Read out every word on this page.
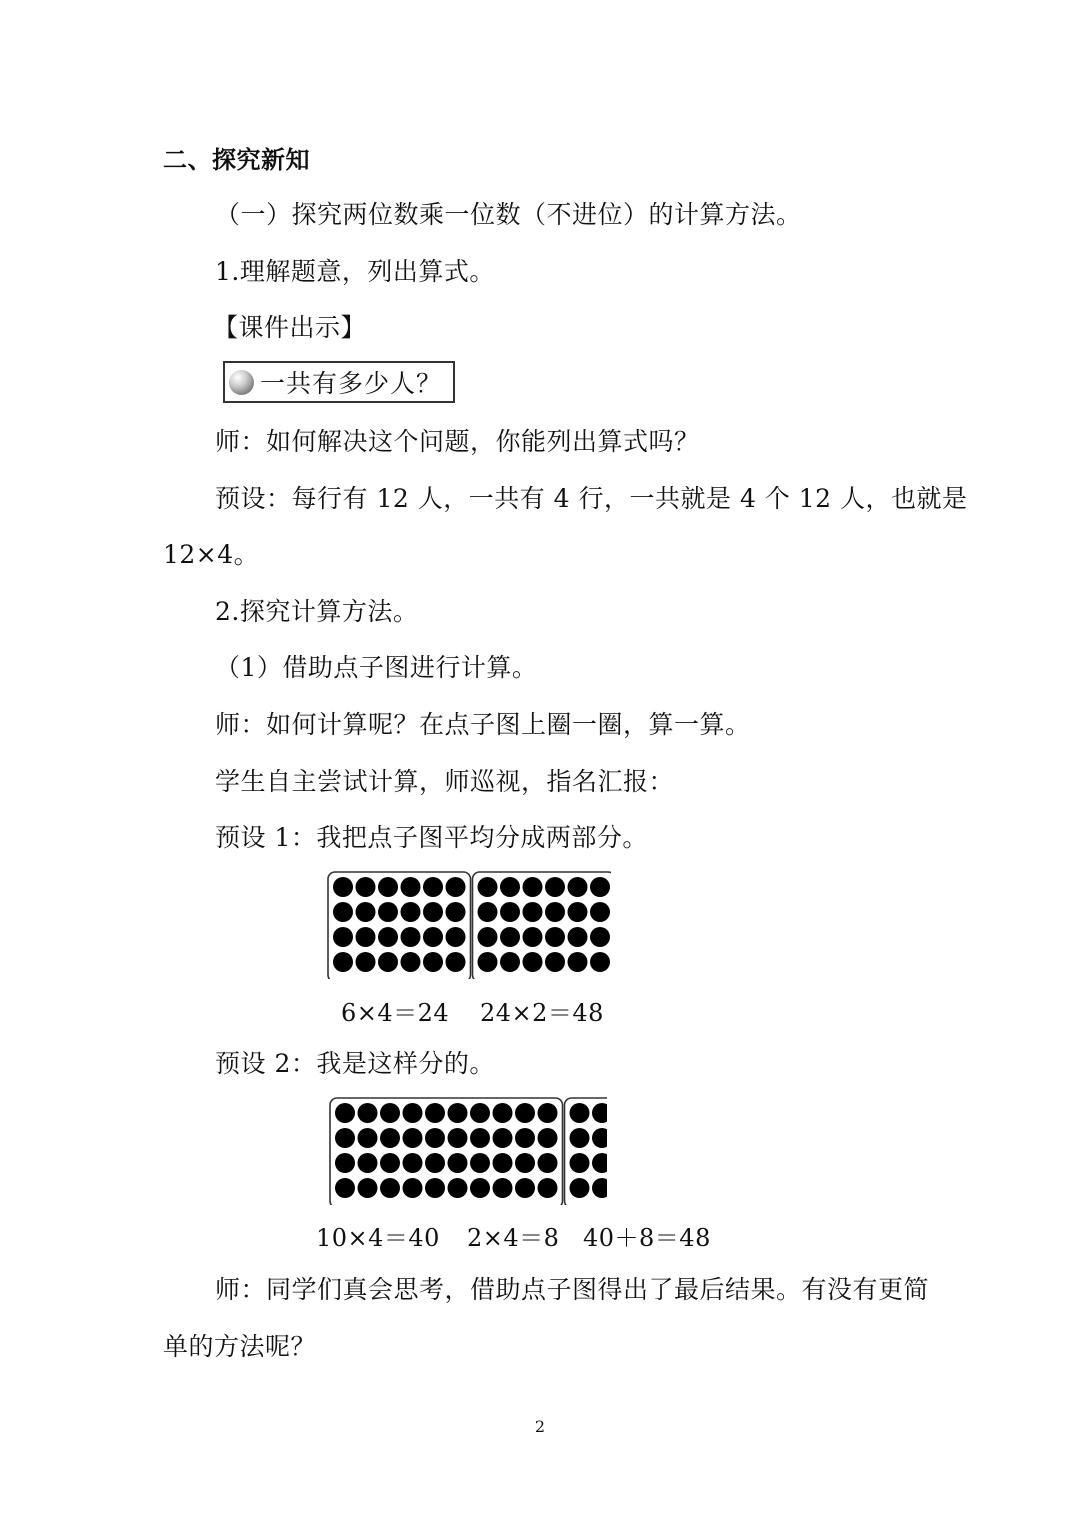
二、探究新知
（一）探究两位数乘一位数（不进位）的计算方法。
1.理解题意，列出算式。
【课件出示】
一共有多少人？
师：如何解决这个问题，你能列出算式吗？
预设：每行有 12 人，一共有 4 行，一共就是 4 个 12 人，也就是
12×4。
2.探究计算方法。
（1）借助点子图进行计算。
师：如何计算呢？在点子图上圈一圈，算一算。
学生自主尝试计算，师巡视，指名汇报：
预设 1：我把点子图平均分成两部分。
6×4＝24 24×2＝48
预设 2：我是这样分的。
10×4＝40 2×4＝8 40＋8＝48
师：同学们真会思考，借助点子图得出了最后结果。有没有更简
单的方法呢？
2
